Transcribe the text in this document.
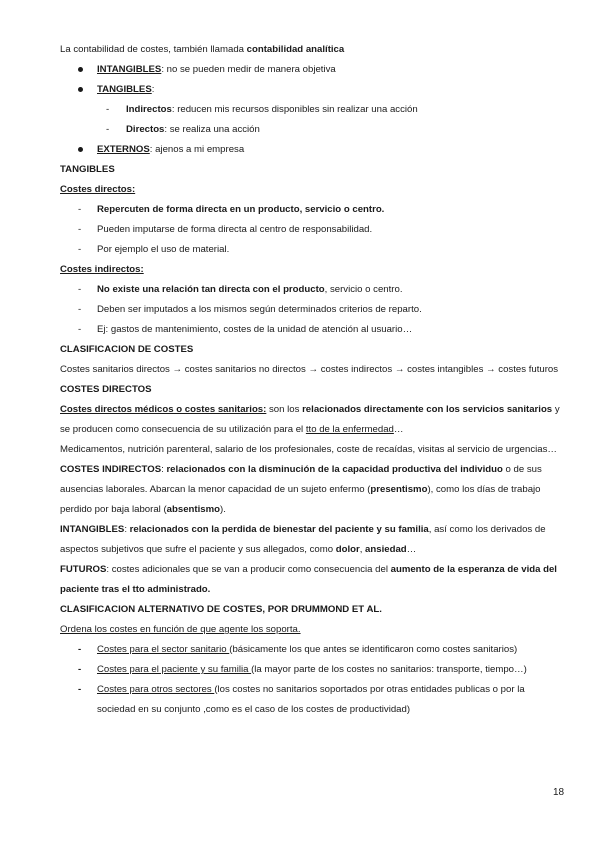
La contabilidad de costes, también llamada contabilidad analítica

INTANGIBLES: no se pueden medir de manera objetiva
TANGIBLES:
- Indirectos: reducen mis recursos disponibles sin realizar una acción
- Directos: se realiza una acción
EXTERNOS: ajenos a mi empresa

TANGIBLES

Costes directos:

- Repercuten de forma directa en un producto, servicio o centro.
- Pueden imputarse de forma directa al centro de responsabilidad.
- Por ejemplo el uso de material.

Costes indirectos:

- No existe una relación tan directa con el producto, servicio o centro.
- Deben ser imputados a los mismos según determinados criterios de reparto.
- Ej: gastos de mantenimiento, costes de la unidad de atención al usuario…

CLASIFICACION DE COSTES

Costes sanitarios directos → costes sanitarios no directos → costes indirectos → costes intangibles → costes futuros

COSTES DIRECTOS

Costes directos médicos o costes sanitarios: son los relacionados directamente con los servicios sanitarios y se producen como consecuencia de su utilización para el tto de la enfermedad…

Medicamentos, nutrición parenteral, salario de los profesionales, coste de recaídas, visitas al servicio de urgencias…

COSTES INDIRECTOS: relacionados con la disminución de la capacidad productiva del individuo o de sus ausencias laborales. Abarcan la menor capacidad de un sujeto enfermo (presentismo), como los días de trabajo perdido por baja laboral (absentismo).

INTANGIBLES: relacionados con la perdida de bienestar del paciente y su familia, así como los derivados de aspectos subjetivos que sufre el paciente y sus allegados, como dolor, ansiedad…

FUTUROS: costes adicionales que se van a producir como consecuencia del aumento de la esperanza de vida del paciente tras el tto administrado.

CLASIFICACION ALTERNATIVO DE COSTES, POR DRUMMOND ET AL.

Ordena los costes en función de que agente los soporta.

- Costes para el sector sanitario (básicamente los que antes se identificaron como costes sanitarios)
- Costes para el paciente y su familia (la mayor parte de los costes no sanitarios: transporte, tiempo…)
- Costes para otros sectores (los costes no sanitarios soportados por otras entidades publicas o por la sociedad en su conjunto ,como es el caso de los costes de productividad)
18
